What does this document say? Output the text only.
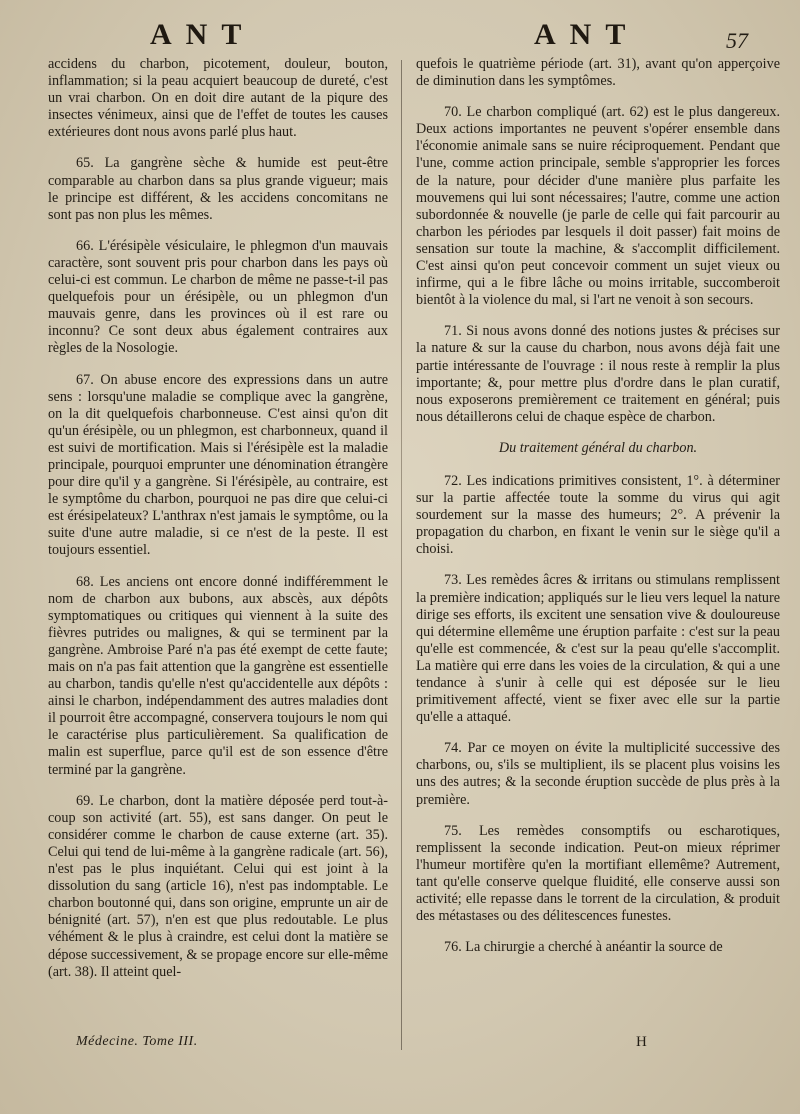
ANT	ANT	57

accidens du charbon, picotement, douleur, bouton, inflammation; si la peau acquiert beaucoup de dureté, c'est un vrai charbon. On en doit dire autant de la piqure des insectes vénimeux, ainsi que de l'effet de toutes les causes extérieures dont nous avons parlé plus haut.

65. La gangrène sèche & humide est peut-être comparable au charbon dans sa plus grande vigueur; mais le principe est différent, & les accidens concomitans ne sont pas non plus les mêmes.

66. L'érésipèle vésiculaire, le phlegmon d'un mauvais caractère, sont souvent pris pour charbon dans les pays où celui-ci est commun. Le charbon de même ne passe-t-il pas quelquefois pour un érésipèle, ou un phlegmon d'un mauvais genre, dans les provinces où il est rare ou inconnu? Ce sont deux abus également contraires aux règles de la Nosologie.

67. On abuse encore des expressions dans un autre sens : lorsqu'une maladie se complique avec la gangrène, on la dit quelquefois charbonneuse. C'est ainsi qu'on dit qu'un érésipèle, ou un phlegmon, est charbonneux, quand il est suivi de mortification. Mais si l'érésipèle est la maladie principale, pourquoi emprunter une dénomination étrangère pour dire qu'il y a gangrène. Si l'érésipèle, au contraire, est le symptôme du charbon, pourquoi ne pas dire que celui-ci est érésipelateux? L'anthrax n'est jamais le symptôme, ou la suite d'une autre maladie, si ce n'est de la peste. Il est toujours essentiel.

68. Les anciens ont encore donné indifféremment le nom de charbon aux bubons, aux abscès, aux dépôts symptomatiques ou critiques qui viennent à la suite des fièvres putrides ou malignes, & qui se terminent par la gangrène. Ambroise Paré n'a pas été exempt de cette faute; mais on n'a pas fait attention que la gangrène est essentielle au charbon, tandis qu'elle n'est qu'accidentelle aux dépôts : ainsi le charbon, indépendamment des autres maladies dont il pourroit être accompagné, conservera toujours le nom qui le caractérise plus particulièrement. Sa qualification de malin est superflue, parce qu'il est de son essence d'être terminé par la gangrène.

69. Le charbon, dont la matière déposée perd tout-à-coup son activité (art. 55), est sans danger. On peut le considérer comme le charbon de cause externe (art. 35). Celui qui tend de lui-même à la gangrène radicale (art. 56), n'est pas le plus inquiétant. Celui qui est joint à la dissolution du sang (article 16), n'est pas indomptable. Le charbon boutonné qui, dans son origine, emprunte un air de bénignité (art. 57), n'en est que plus redoutable. Le plus véhément & le plus à craindre, est celui dont la matière se dépose successivement, & se propage encore sur elle-même (art. 38). Il atteint quel-

quefois le quatrième période (art. 31), avant qu'on apperçoive de diminution dans les symptômes.

70. Le charbon compliqué (art. 62) est le plus dangereux. Deux actions importantes ne peuvent s'opérer ensemble dans l'économie animale sans se nuire réciproquement. Pendant que l'une, comme action principale, semble s'approprier les forces de la nature, pour décider d'une manière plus parfaite les mouvemens qui lui sont nécessaires; l'autre, comme une action subordonnée & nouvelle (je parle de celle qui fait parcourir au charbon les périodes par lesquels il doit passer) fait moins de sensation sur toute la machine, & s'accomplit difficilement. C'est ainsi qu'on peut concevoir comment un sujet vieux ou infirme, qui a le fibre lâche ou moins irritable, succomberoit bientôt à la violence du mal, si l'art ne venoit à son secours.

71. Si nous avons donné des notions justes & précises sur la nature & sur la cause du charbon, nous avons déjà fait une partie intéressante de l'ouvrage : il nous reste à remplir la plus importante; &, pour mettre plus d'ordre dans le plan curatif, nous exposerons premièrement ce traitement en général; puis nous détaillerons celui de chaque espèce de charbon.

Du traitement général du charbon.

72. Les indications primitives consistent, 1°. à déterminer sur la partie affectée toute la somme du virus qui agit sourdement sur la masse des humeurs; 2°. A prévenir la propagation du charbon, en fixant le venin sur le siège qu'il a choisi.

73. Les remèdes âcres & irritans ou stimulans remplissent la première indication; appliqués sur le lieu vers lequel la nature dirige ses efforts, ils excitent une sensation vive & douloureuse qui détermine ellemême une éruption parfaite : c'est sur la peau qu'elle est commencée, & c'est sur la peau qu'elle s'accomplit. La matière qui erre dans les voies de la circulation, & qui a une tendance à s'unir à celle qui est déposée sur le lieu primitivement affecté, vient se fixer avec elle sur la partie qu'elle a attaqué.

74. Par ce moyen on évite la multiplicité successive des charbons, ou, s'ils se multiplient, ils se placent plus voisins les uns des autres; & la seconde éruption succède de plus près à la première.

75. Les remèdes consomptifs ou escharotiques, remplissent la seconde indication. Peut-on mieux réprimer l'humeur mortifère qu'en la mortifiant ellemême? Autrement, tant qu'elle conserve quelque fluidité, elle conserve aussi son activité; elle repasse dans le torrent de la circulation, & produit des métastases ou des délitescences funestes.

76. La chirurgie a cherché à anéantir la source de

Médecine. Tome III.	H
